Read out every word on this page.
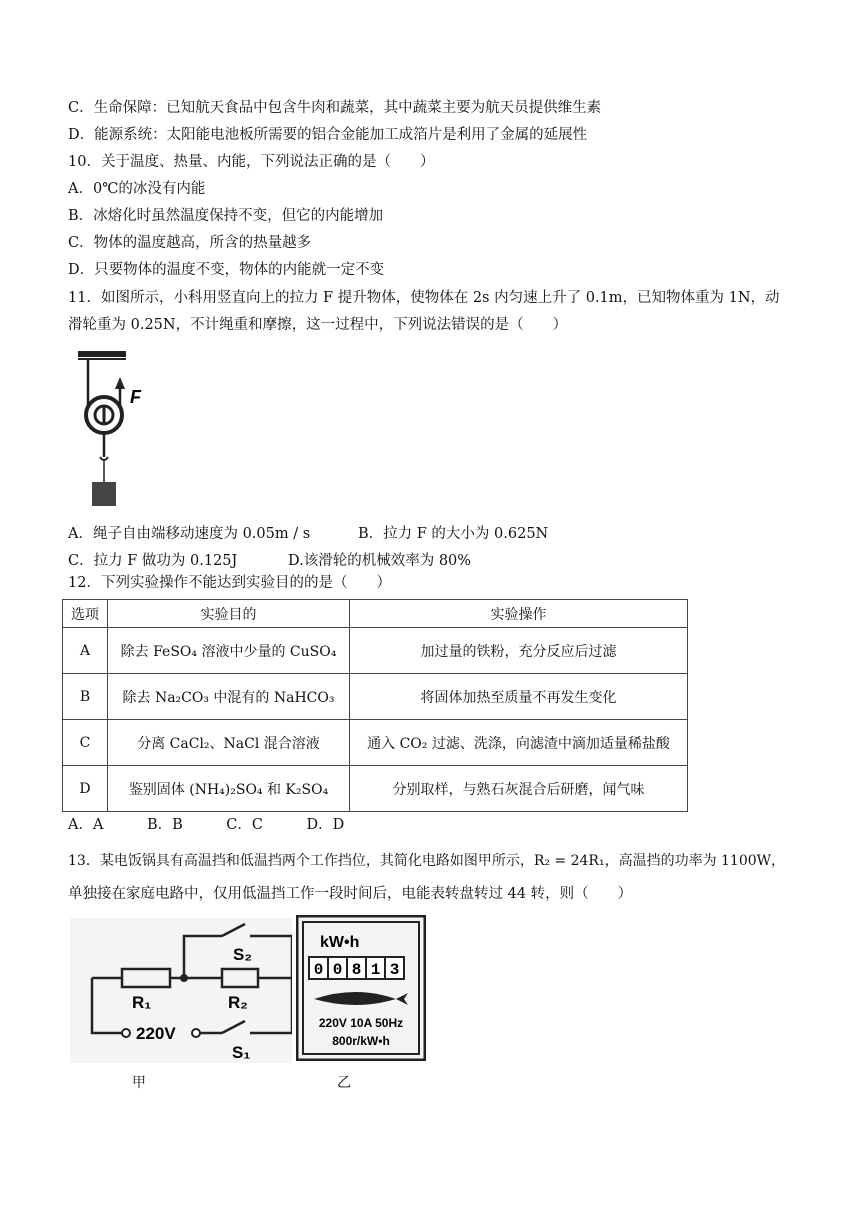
C．生命保障：已知航天食品中包含牛肉和蔬菜，其中蔬菜主要为航天员提供维生素
D．能源系统：太阳能电池板所需要的铝合金能加工成箔片是利用了金属的延展性
10．关于温度、热量、内能，下列说法正确的是（　　）
A．0℃的冰没有内能
B．冰熔化时虽然温度保持不变，但它的内能增加
C．物体的温度越高，所含的热量越多
D．只要物体的温度不变，物体的内能就一定不变
11．如图所示，小科用竖直向上的拉力 F 提升物体，使物体在 2s 内匀速上升了 0.1m，已知物体重为 1N，动
滑轮重为 0.25N，不计绳重和摩擦，这一过程中，下列说法错误的是（　　）
F
A．绳子自由端移动速度为 0.05m / s	B．拉力 F 的大小为 0.625N
C．拉力 F 做功为 0.125J	D.该滑轮的机械效率为 80%
12．下列实验操作不能达到实验目的的是（　　）
选项	实验目的	实验操作
A	除去 FeSO₄ 溶液中少量的 CuSO₄	加过量的铁粉，充分反应后过滤
B	除去 Na₂CO₃ 中混有的 NaHCO₃	将固体加热至质量不再发生变化
C	分离 CaCl₂、NaCl 混合溶液	通入 CO₂ 过滤、洗涤，向滤渣中滴加适量稀盐酸
D	鉴别固体 (NH₄)₂SO₄ 和 K₂SO₄	分别取样，与熟石灰混合后研磨，闻气味
A．A　　　B．B　　　C．C　　　D．D
13．某电饭锅具有高温挡和低温挡两个工作挡位，其简化电路如图甲所示，R₂ = 24R₁，高温挡的功率为 1100W，
单独接在家庭电路中，仅用低温挡工作一段时间后，电能表转盘转过 44 转，则（　　）
S₂
R₁	R₂
220V
S₁
kW•h
0 0 8 1 3
220V 10A 50Hz
800r/kW•h
甲	乙
